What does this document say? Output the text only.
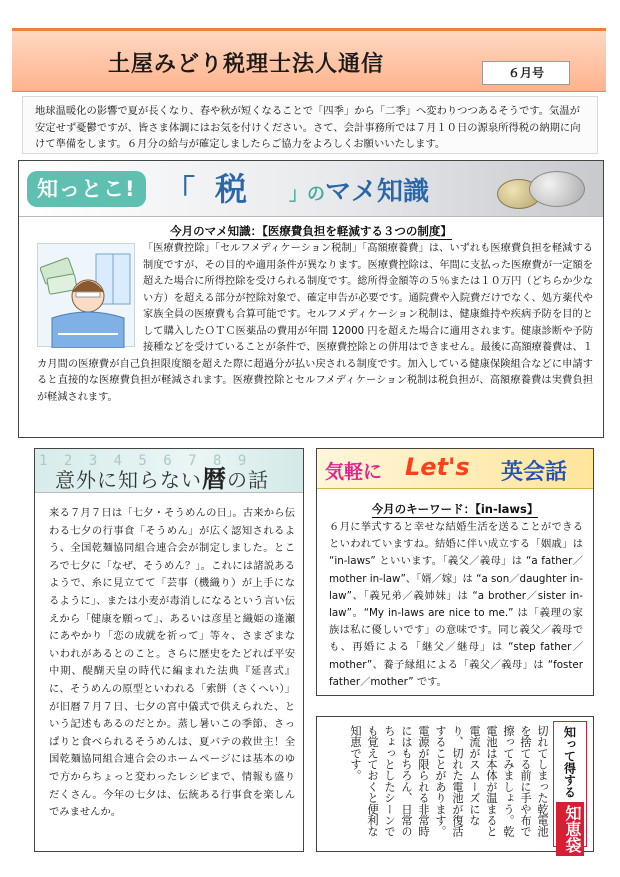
土屋みどり税理士法人通信	６月号
地球温暖化の影響で夏が長くなり、春や秋が短くなることで「四季」から「二季」へ変わりつつあるそうです。気温が安定せず憂鬱ですが、皆さま体調にはお気を付けください。さて、会計事務所では７月１０日の源泉所得税の納期に向けて準備をします。６月分の給与が確定しましたらご協力をよろしくお願いいたします。
知っとこ! 「 税 」のマメ知識
今月のマメ知識：【医療費負担を軽減する３つの制度】
「医療費控除」「セルフメディケーション税制」「高額療養費」は、いずれも医療費負担を軽減する制度ですが、その目的や適用条件が異なります。医療費控除は、年間に支払った医療費が一定額を超えた場合に所得控除を受けられる制度です。総所得金額等の５％または１０万円（どちらか少ない方）を超える部分が控除対象で、確定申告が必要です。通院費や入院費だけでなく、処方薬代や家族全員の医療費も合算可能です。セルフメディケーション税制は、健康維持や疾病予防を目的として購入したＯＴＣ医薬品の費用が年間 12000 円を超えた場合に適用されます。健康診断や予防接種などを受けていることが条件で、医療費控除との併用はできません。最後に高額療養費は、１カ月間の医療費が自己負担限度額を超えた際に超過分が払い戻される制度です。加入している健康保険組合などに申請すると直接的な医療費負担が軽減されます。医療費控除とセルフメディケーション税制は税負担が、高額療養費は実費負担が軽減されます。
1 2 3 4 5 6 7 8 9
意外に知らない暦の話
来る７月７日は「七夕・そうめんの日」。古来から伝わる七夕の行事食「そうめん」が広く認知されるよう、全国乾麺協同組合連合会が制定しました。ところで七夕に「なぜ、そうめん？」。これには諸説あるようで、糸に見立てて「芸事（機織り）が上手になるように」、または小麦が毒消しになるという言い伝えから「健康を願って」、あるいは彦星と織姫の逢瀬にあやかり「恋の成就を祈って」等々、さまざまないわれがあるとのこと。さらに歴史をたどれば平安中期、醍醐天皇の時代に編まれた法典『延喜式』に、そうめんの原型といわれる「索餅（さくへい）」が旧暦７月７日、七夕の宮中儀式で供えられた、という記述もあるのだとか。蒸し暑いこの季節、さっぱりと食べられるそうめんは、夏バテの救世主！全国乾麺協同組合連合会のホームページには基本のゆで方からちょっと変わったレシピまで、情報も盛りだくさん。今年の七夕は、伝統ある行事食を楽しんでみませんか。
気軽に Let's 英会話
今月のキーワード：【in-laws】
６月に挙式すると幸せな結婚生活を送ることができるといわれていますね。結婚に伴い成立する「姻戚」は “in-laws” といいます。「義父／義母」は “a father／mother in-law”、「婿／嫁」は “a son／daughter in-law”、「義兄弟／義姉妹」は “a brother／sister in-law”。“My in-laws are nice to me.” は「義理の家族は私に優しいです」の意味です。同じ義父／義母でも、再婚による「継父／継母」は “step father／mother”、養子縁組による「義父／義母」は “foster father／mother” です。
切れてしまった乾電池を捨てる前に手や布で擦ってみましょう。乾電池は本体が温まると電流がスムーズになり、切れた電池が復活することがあります。電源が限られる非常時にはもちろん、日常のちょっとしたシーンでも覚えておくと便利な知恵です。	知って得する
知恵袋
